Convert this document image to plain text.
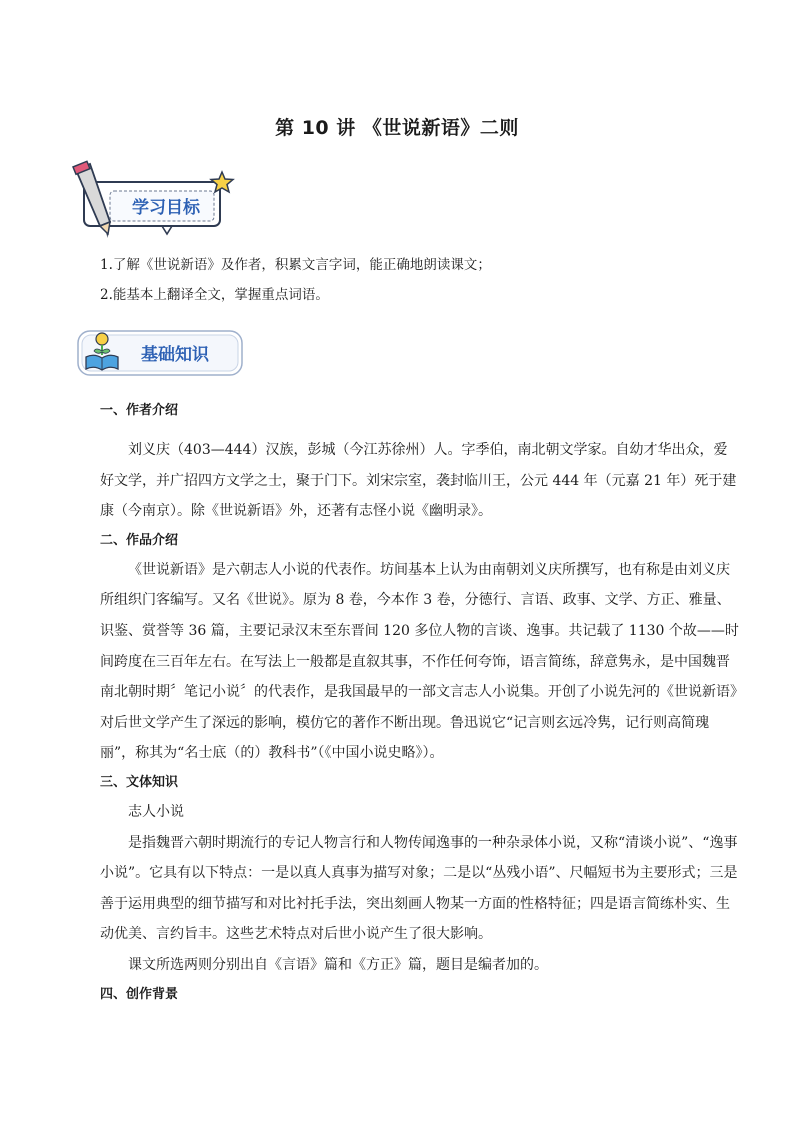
第 10 讲 《世说新语》二则
学习目标
1.了解《世说新语》及作者，积累文言字词，能正确地朗读课文；
2.能基本上翻译全文，掌握重点词语。
基础知识
一、作者介绍

刘义庆（403—444）汉族，彭城（今江苏徐州）人。字季伯，南北朝文学家。自幼才华出众，爱好文学，并广招四方文学之士，聚于门下。刘宋宗室，袭封临川王，公元 444 年（元嘉 21 年）死于建康（今南京）。除《世说新语》外，还著有志怪小说《幽明录》。

二、作品介绍

《世说新语》是六朝志人小说的代表作。坊间基本上认为由南朝刘义庆所撰写，也有称是由刘义庆所组织门客编写。又名《世说》。原为 8 卷，今本作 3 卷，分德行、言语、政事、文学、方正、雅量、识鉴、赏誉等 36 篇，主要记录汉末至东晋间 120 多位人物的言谈、逸事。共记载了 1130 个故——时间跨度在三百年左右。在写法上一般都是直叙其事，不作任何夸饰，语言简练，辞意隽永，是中国魏晋南北朝时期〞笔记小说〞的代表作，是我国最早的一部文言志人小说集。开创了小说先河的《世说新语》对后世文学产生了深远的影响，模仿它的著作不断出现。鲁迅说它“记言则玄远冷隽，记行则高简瑰丽”，称其为“名士底（的）教科书”（《中国小说史略》）。

三、文体知识

志人小说

是指魏晋六朝时期流行的专记人物言行和人物传闻逸事的一种杂录体小说，又称“清谈小说”、“逸事小说”。它具有以下特点：一是以真人真事为描写对象；二是以“丛残小语”、尺幅短书为主要形式；三是善于运用典型的细节描写和对比衬托手法，突出刻画人物某一方面的性格特征；四是语言简练朴实、生动优美、言约旨丰。这些艺术特点对后世小说产生了很大影响。

课文所选两则分别出自《言语》篇和《方正》篇，题目是编者加的。

四、创作背景
